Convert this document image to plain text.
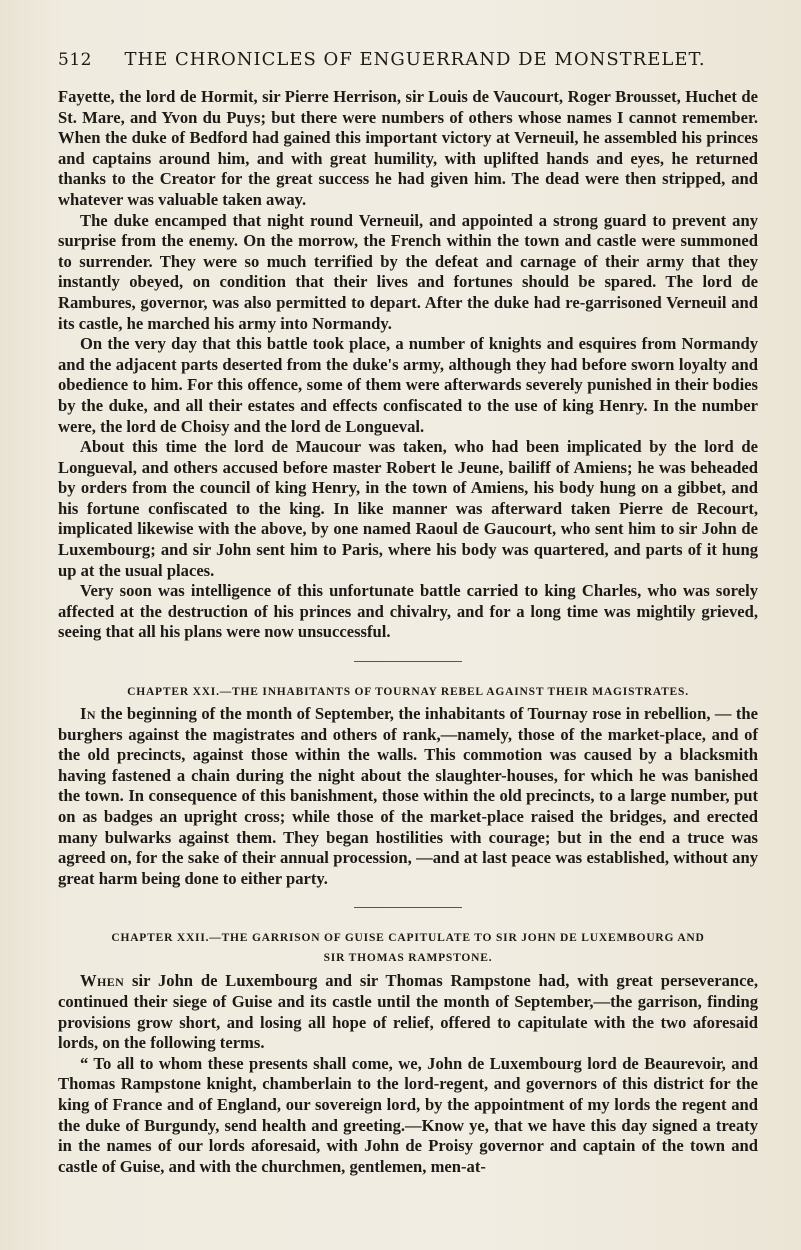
512	THE CHRONICLES OF ENGUERRAND DE MONSTRELET.

Fayette, the lord de Hormit, sir Pierre Herrison, sir Louis de Vaucourt, Roger Brousset, Huchet de St. Mare, and Yvon du Puys; but there were numbers of others whose names I cannot remember. When the duke of Bedford had gained this important victory at Verneuil, he assembled his princes and captains around him, and with great humility, with uplifted hands and eyes, he returned thanks to the Creator for the great success he had given him. The dead were then stripped, and whatever was valuable taken away.

The duke encamped that night round Verneuil, and appointed a strong guard to prevent any surprise from the enemy. On the morrow, the French within the town and castle were summoned to surrender. They were so much terrified by the defeat and carnage of their army that they instantly obeyed, on condition that their lives and fortunes should be spared. The lord de Rambures, governor, was also permitted to depart. After the duke had re-garrisoned Verneuil and its castle, he marched his army into Normandy.

On the very day that this battle took place, a number of knights and esquires from Normandy and the adjacent parts deserted from the duke's army, although they had before sworn loyalty and obedience to him. For this offence, some of them were afterwards severely punished in their bodies by the duke, and all their estates and effects confiscated to the use of king Henry. In the number were, the lord de Choisy and the lord de Longueval.

About this time the lord de Maucour was taken, who had been implicated by the lord de Longueval, and others accused before master Robert le Jeune, bailiff of Amiens; he was beheaded by orders from the council of king Henry, in the town of Amiens, his body hung on a gibbet, and his fortune confiscated to the king. In like manner was afterward taken Pierre de Recourt, implicated likewise with the above, by one named Raoul de Gaucourt, who sent him to sir John de Luxembourg; and sir John sent him to Paris, where his body was quartered, and parts of it hung up at the usual places.

Very soon was intelligence of this unfortunate battle carried to king Charles, who was sorely affected at the destruction of his princes and chivalry, and for a long time was mightily grieved, seeing that all his plans were now unsuccessful.

CHAPTER XXI.—THE INHABITANTS OF TOURNAY REBEL AGAINST THEIR MAGISTRATES.

In the beginning of the month of September, the inhabitants of Tournay rose in rebellion, — the burghers against the magistrates and others of rank,—namely, those of the market-place, and of the old precincts, against those within the walls. This commotion was caused by a blacksmith having fastened a chain during the night about the slaughter-houses, for which he was banished the town. In consequence of this banishment, those within the old precincts, to a large number, put on as badges an upright cross; while those of the market-place raised the bridges, and erected many bulwarks against them. They began hostilities with courage; but in the end a truce was agreed on, for the sake of their annual procession, —and at last peace was established, without any great harm being done to either party.

CHAPTER XXII.—THE GARRISON OF GUISE CAPITULATE TO SIR JOHN DE LUXEMBOURG AND
SIR THOMAS RAMPSTONE.

When sir John de Luxembourg and sir Thomas Rampstone had, with great perseverance, continued their siege of Guise and its castle until the month of September,—the garrison, finding provisions grow short, and losing all hope of relief, offered to capitulate with the two aforesaid lords, on the following terms.

“ To all to whom these presents shall come, we, John de Luxembourg lord de Beaurevoir, and Thomas Rampstone knight, chamberlain to the lord-regent, and governors of this district for the king of France and of England, our sovereign lord, by the appointment of my lords the regent and the duke of Burgundy, send health and greeting.—Know ye, that we have this day signed a treaty in the names of our lords aforesaid, with John de Proisy governor and captain of the town and castle of Guise, and with the churchmen, gentlemen, men-at-
